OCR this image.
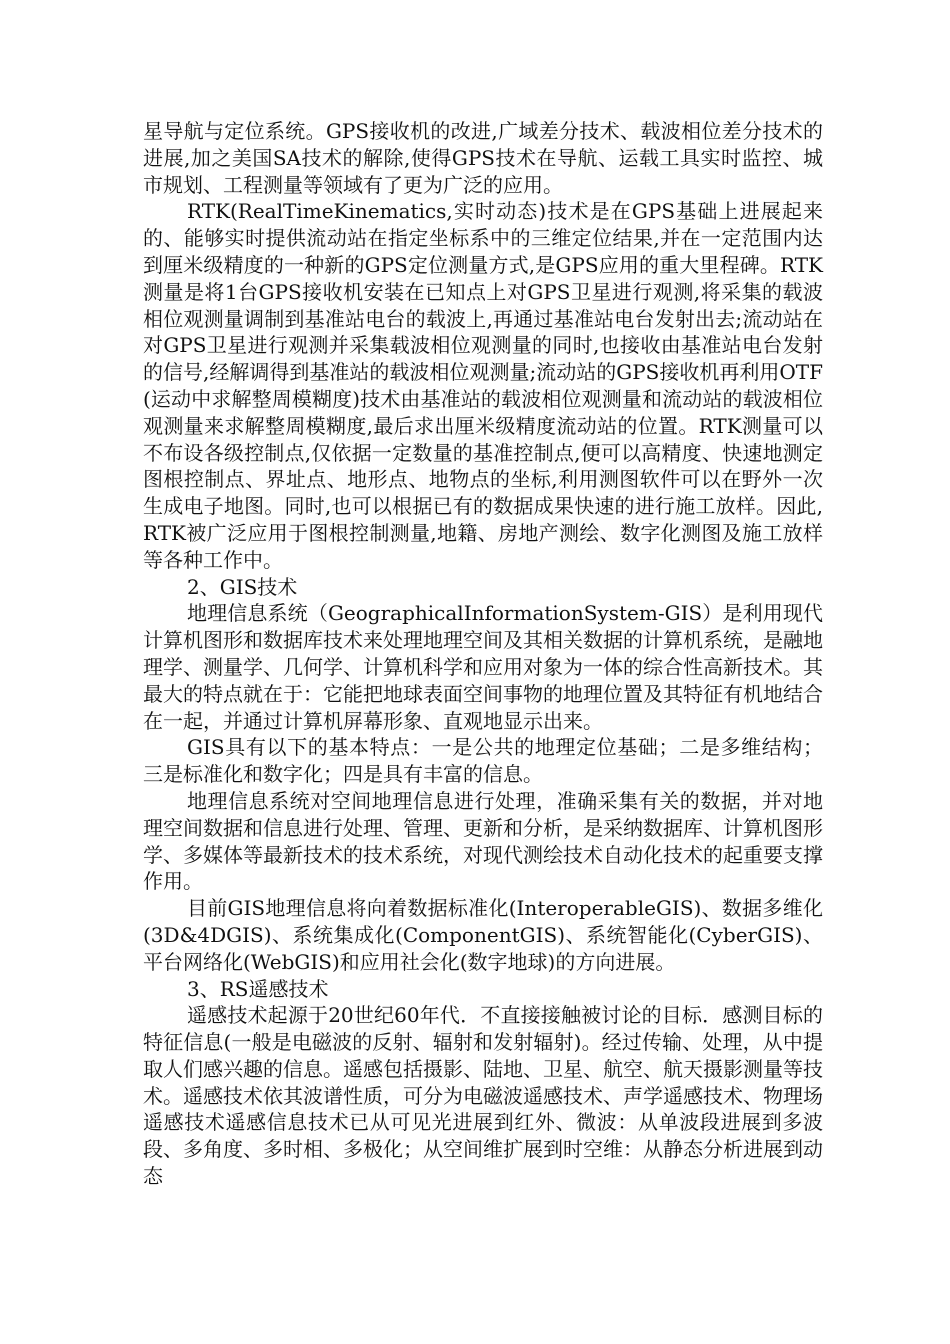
星导航与定位系统。GPS接收机的改进,广域差分技术、载波相位差分技术的进展,加之美国SA技术的解除,使得GPS技术在导航、运载工具实时监控、城市规划、工程测量等领域有了更为广泛的应用。

RTK(RealTimeKinematics,实时动态)技术是在GPS基础上进展起来的、能够实时提供流动站在指定坐标系中的三维定位结果,并在一定范围内达到厘米级精度的一种新的GPS定位测量方式,是GPS应用的重大里程碑。RTK测量是将1台GPS接收机安装在已知点上对GPS卫星进行观测,将采集的载波相位观测量调制到基准站电台的载波上,再通过基准站电台发射出去;流动站在对GPS卫星进行观测并采集载波相位观测量的同时,也接收由基准站电台发射的信号,经解调得到基准站的载波相位观测量;流动站的GPS接收机再利用OTF(运动中求解整周模糊度)技术由基准站的载波相位观测量和流动站的载波相位观测量来求解整周模糊度,最后求出厘米级精度流动站的位置。RTK测量可以不布设各级控制点,仅依据一定数量的基准控制点,便可以高精度、快速地测定图根控制点、界址点、地形点、地物点的坐标,利用测图软件可以在野外一次生成电子地图。同时,也可以根据已有的数据成果快速的进行施工放样。因此,RTK被广泛应用于图根控制测量,地籍、房地产测绘、数字化测图及施工放样等各种工作中。

2、GIS技术

地理信息系统（GeographicalInformationSystem-GIS）是利用现代计算机图形和数据库技术来处理地理空间及其相关数据的计算机系统，是融地理学、测量学、几何学、计算机科学和应用对象为一体的综合性高新技术。其最大的特点就在于：它能把地球表面空间事物的地理位置及其特征有机地结合在一起，并通过计算机屏幕形象、直观地显示出来。

GIS具有以下的基本特点：一是公共的地理定位基础；二是多维结构；三是标准化和数字化；四是具有丰富的信息。

地理信息系统对空间地理信息进行处理，准确采集有关的数据，并对地理空间数据和信息进行处理、管理、更新和分析，是采纳数据库、计算机图形学、多媒体等最新技术的技术系统，对现代测绘技术自动化技术的起重要支撑作用。

目前GIS地理信息将向着数据标准化(InteroperableGIS)、数据多维化(3D&4DGIS)、系统集成化(ComponentGIS)、系统智能化(CyberGIS)、平台网络化(WebGIS)和应用社会化(数字地球)的方向进展。

3、RS遥感技术

遥感技术起源于20世纪60年代．不直接接触被讨论的目标．感测目标的特征信息(一般是电磁波的反射、辐射和发射辐射)。经过传输、处理，从中提取人们感兴趣的信息。遥感包括摄影、陆地、卫星、航空、航天摄影测量等技术。遥感技术依其波谱性质，可分为电磁波遥感技术、声学遥感技术、物理场遥感技术遥感信息技术已从可见光进展到红外、微波：从单波段进展到多波段、多角度、多时相、多极化；从空间维扩展到时空维：从静态分析进展到动态
